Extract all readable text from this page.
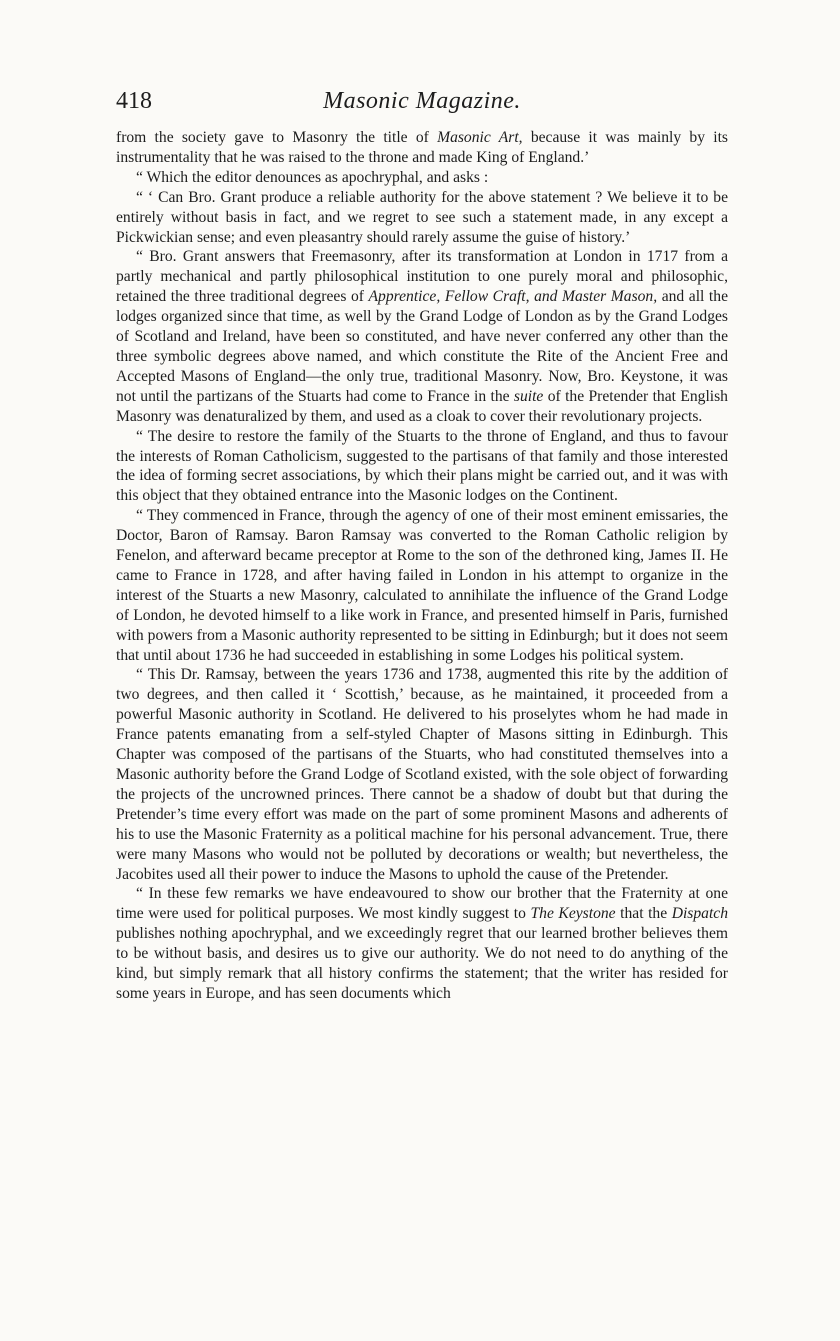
418	Masonic Magazine.

from the society gave to Masonry the title of Masonic Art, because it was mainly by its instrumentality that he was raised to the throne and made King of England.’

“ Which the editor denounces as apochryphal, and asks :

“ ‘ Can Bro. Grant produce a reliable authority for the above statement ? We believe it to be entirely without basis in fact, and we regret to see such a statement made, in any except a Pickwickian sense; and even pleasantry should rarely assume the guise of history.’

“ Bro. Grant answers that Freemasonry, after its transformation at London in 1717 from a partly mechanical and partly philosophical institution to one purely moral and philosophic, retained the three traditional degrees of Apprentice, Fellow Craft, and Master Mason, and all the lodges organized since that time, as well by the Grand Lodge of London as by the Grand Lodges of Scotland and Ireland, have been so constituted, and have never conferred any other than the three symbolic degrees above named, and which constitute the Rite of the Ancient Free and Accepted Masons of England—the only true, traditional Masonry. Now, Bro. Keystone, it was not until the partizans of the Stuarts had come to France in the suite of the Pretender that English Masonry was denaturalized by them, and used as a cloak to cover their revolutionary projects.

“ The desire to restore the family of the Stuarts to the throne of England, and thus to favour the interests of Roman Catholicism, suggested to the partisans of that family and those interested the idea of forming secret associations, by which their plans might be carried out, and it was with this object that they obtained entrance into the Masonic lodges on the Continent.

“ They commenced in France, through the agency of one of their most eminent emissaries, the Doctor, Baron of Ramsay. Baron Ramsay was converted to the Roman Catholic religion by Fenelon, and afterward became preceptor at Rome to the son of the dethroned king, James II. He came to France in 1728, and after having failed in London in his attempt to organize in the interest of the Stuarts a new Masonry, calculated to annihilate the influence of the Grand Lodge of London, he devoted himself to a like work in France, and presented himself in Paris, furnished with powers from a Masonic authority represented to be sitting in Edinburgh; but it does not seem that until about 1736 he had succeeded in establishing in some Lodges his political system.

“ This Dr. Ramsay, between the years 1736 and 1738, augmented this rite by the addition of two degrees, and then called it ‘ Scottish,’ because, as he maintained, it proceeded from a powerful Masonic authority in Scotland. He delivered to his proselytes whom he had made in France patents emanating from a self-styled Chapter of Masons sitting in Edinburgh. This Chapter was composed of the partisans of the Stuarts, who had constituted themselves into a Masonic authority before the Grand Lodge of Scotland existed, with the sole object of forwarding the projects of the uncrowned princes. There cannot be a shadow of doubt but that during the Pretender’s time every effort was made on the part of some prominent Masons and adherents of his to use the Masonic Fraternity as a political machine for his personal advancement. True, there were many Masons who would not be polluted by decorations or wealth; but nevertheless, the Jacobites used all their power to induce the Masons to uphold the cause of the Pretender.

“ In these few remarks we have endeavoured to show our brother that the Fraternity at one time were used for political purposes. We most kindly suggest to The Keystone that the Dispatch publishes nothing apochryphal, and we exceedingly regret that our learned brother believes them to be without basis, and desires us to give our authority. We do not need to do anything of the kind, but simply remark that all history confirms the statement; that the writer has resided for some years in Europe, and has seen documents which
